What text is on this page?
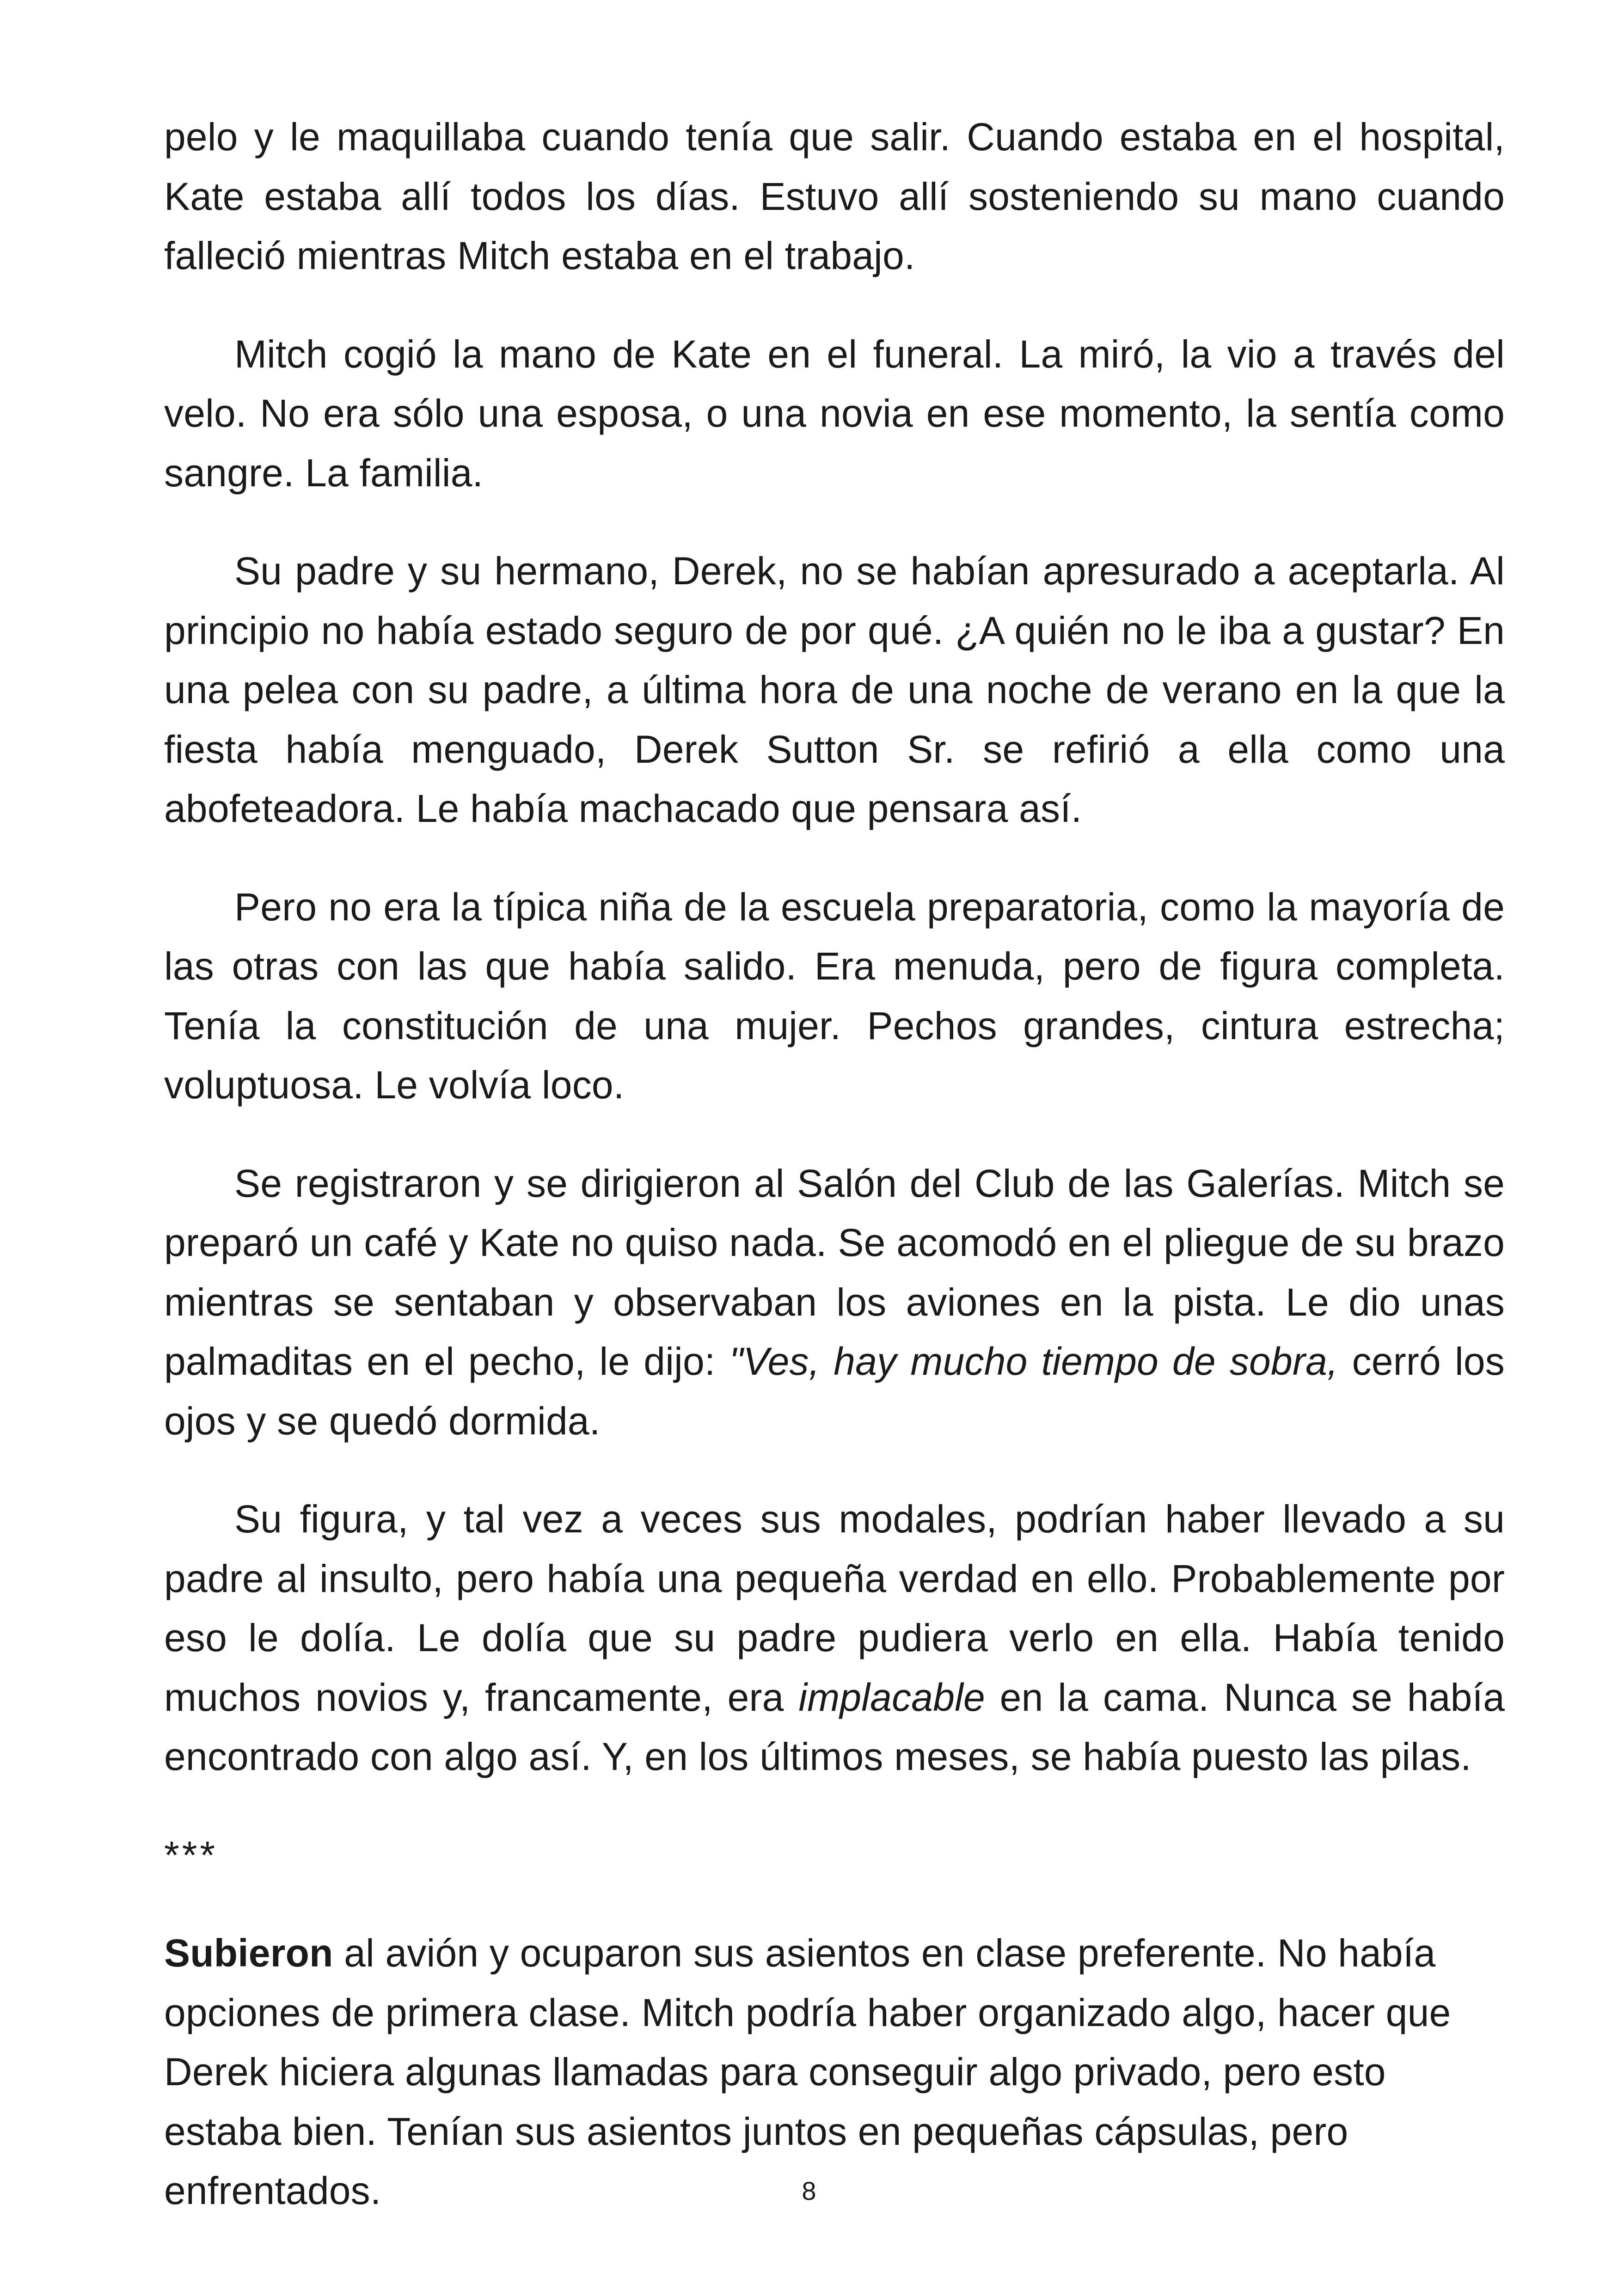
pelo y le maquillaba cuando tenía que salir. Cuando estaba en el hospital, Kate estaba allí todos los días. Estuvo allí sosteniendo su mano cuando falleció mientras Mitch estaba en el trabajo.

Mitch cogió la mano de Kate en el funeral. La miró, la vio a través del velo. No era sólo una esposa, o una novia en ese momento, la sentía como sangre. La familia.

Su padre y su hermano, Derek, no se habían apresurado a aceptarla. Al principio no había estado seguro de por qué. ¿A quién no le iba a gustar? En una pelea con su padre, a última hora de una noche de verano en la que la fiesta había menguado, Derek Sutton Sr. se refirió a ella como una abofeteadora. Le había machacado que pensara así.

Pero no era la típica niña de la escuela preparatoria, como la mayoría de las otras con las que había salido. Era menuda, pero de figura completa. Tenía la constitución de una mujer. Pechos grandes, cintura estrecha; voluptuosa. Le volvía loco.

Se registraron y se dirigieron al Salón del Club de las Galerías. Mitch se preparó un café y Kate no quiso nada. Se acomodó en el pliegue de su brazo mientras se sentaban y observaban los aviones en la pista. Le dio unas palmaditas en el pecho, le dijo: "Ves, hay mucho tiempo de sobra, cerró los ojos y se quedó dormida.

Su figura, y tal vez a veces sus modales, podrían haber llevado a su padre al insulto, pero había una pequeña verdad en ello. Probablemente por eso le dolía. Le dolía que su padre pudiera verlo en ella. Había tenido muchos novios y, francamente, era implacable en la cama. Nunca se había encontrado con algo así. Y, en los últimos meses, se había puesto las pilas.

***

Subieron al avión y ocuparon sus asientos en clase preferente. No había opciones de primera clase. Mitch podría haber organizado algo, hacer que Derek hiciera algunas llamadas para conseguir algo privado, pero esto estaba bien. Tenían sus asientos juntos en pequeñas cápsulas, pero enfrentados.	8
